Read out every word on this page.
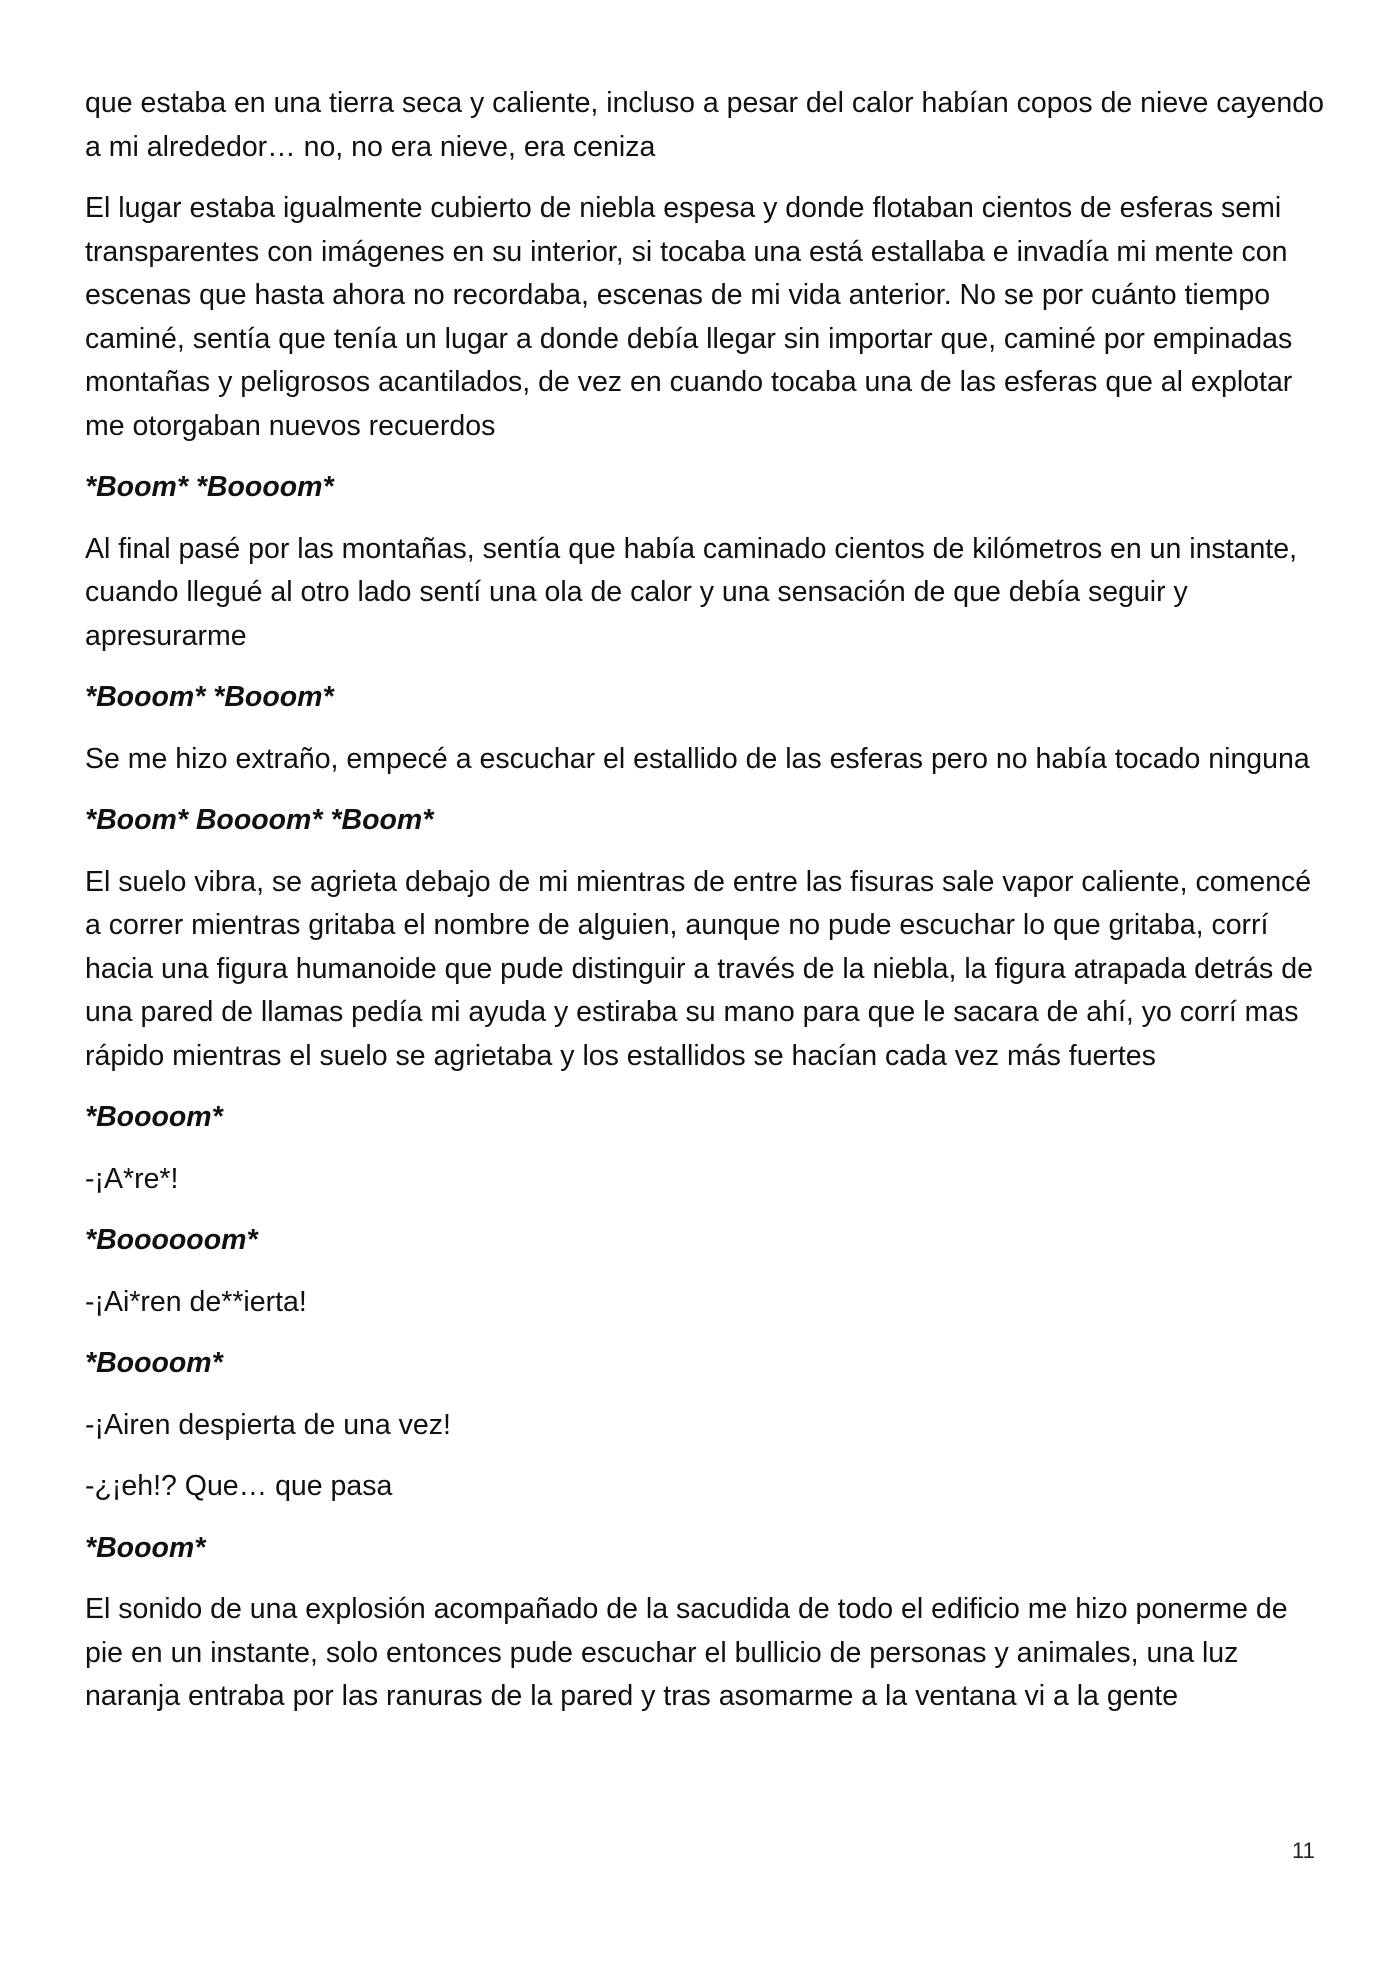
que estaba en una tierra seca y caliente, incluso a pesar del calor habían copos de nieve cayendo a mi alrededor… no, no era nieve, era ceniza

El lugar estaba igualmente cubierto de niebla espesa y donde flotaban cientos de esferas semi transparentes con imágenes en su interior, si tocaba una está estallaba e invadía mi mente con escenas que hasta ahora no recordaba, escenas de mi vida anterior. No se por cuánto tiempo caminé, sentía que tenía un lugar a donde debía llegar sin importar que, caminé por empinadas montañas y peligrosos acantilados, de vez en cuando tocaba una de las esferas que al explotar me otorgaban nuevos recuerdos

*Boom* *Boooom*

Al final pasé por las montañas, sentía que había caminado cientos de kilómetros en un instante, cuando llegué al otro lado sentí una ola de calor y una sensación de que debía seguir y apresurarme

*Booom* *Booom*

Se me hizo extraño, empecé a escuchar el estallido de las esferas pero no había tocado ninguna

*Boom* Boooom* *Boom*

El suelo vibra, se agrieta debajo de mi mientras de entre las fisuras sale vapor caliente, comencé a correr mientras gritaba el nombre de alguien, aunque no pude escuchar lo que gritaba, corrí hacia una figura humanoide que pude distinguir a través de la niebla, la figura atrapada detrás de una pared de llamas pedía mi ayuda y estiraba su mano para que le sacara de ahí, yo corrí mas rápido mientras el suelo se agrietaba y los estallidos se hacían cada vez más fuertes

*Boooom*

-¡A*re*!

*Boooooom*

-¡Ai*ren de**ierta!

*Boooom*

-¡Airen despierta de una vez!

-¿¡eh!? Que… que pasa

*Booom*

El sonido de una explosión acompañado de la sacudida de todo el edificio me hizo ponerme de pie en un instante, solo entonces pude escuchar el bullicio de personas y animales, una luz naranja entraba por las ranuras de la pared y tras asomarme a la ventana vi a la gente

11
